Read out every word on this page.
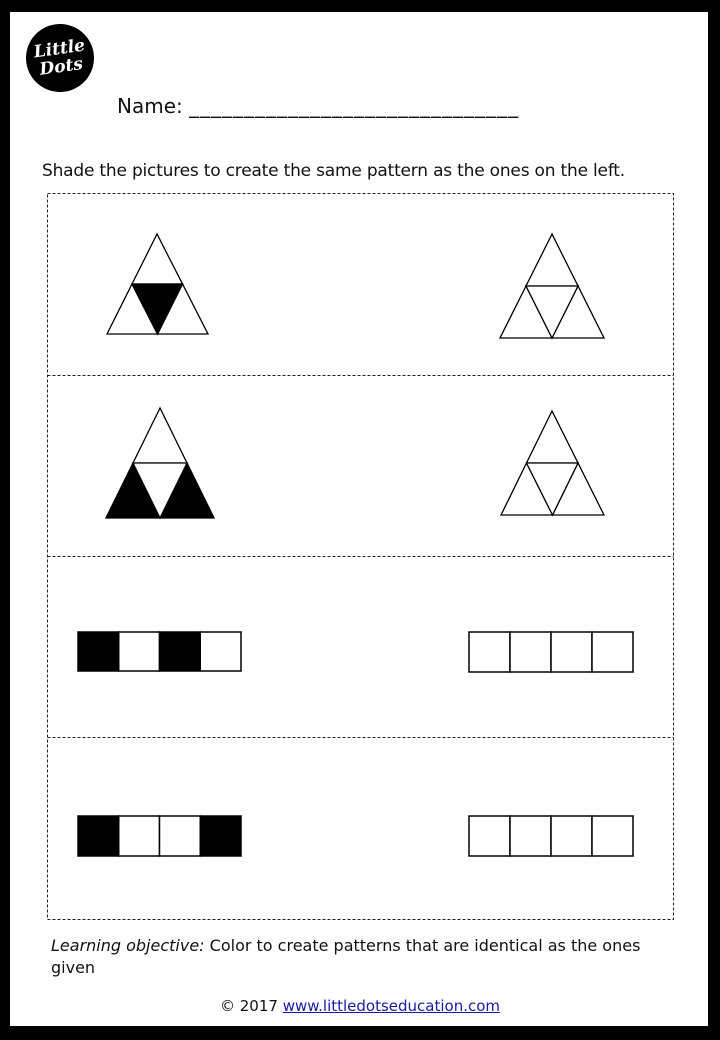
Little Dots
Name: ______________________________
Shade the pictures to create the same pattern as the ones on the left.
Learning objective: Color to create patterns that are identical as the ones given
© 2017 www.littledotseducation.com
